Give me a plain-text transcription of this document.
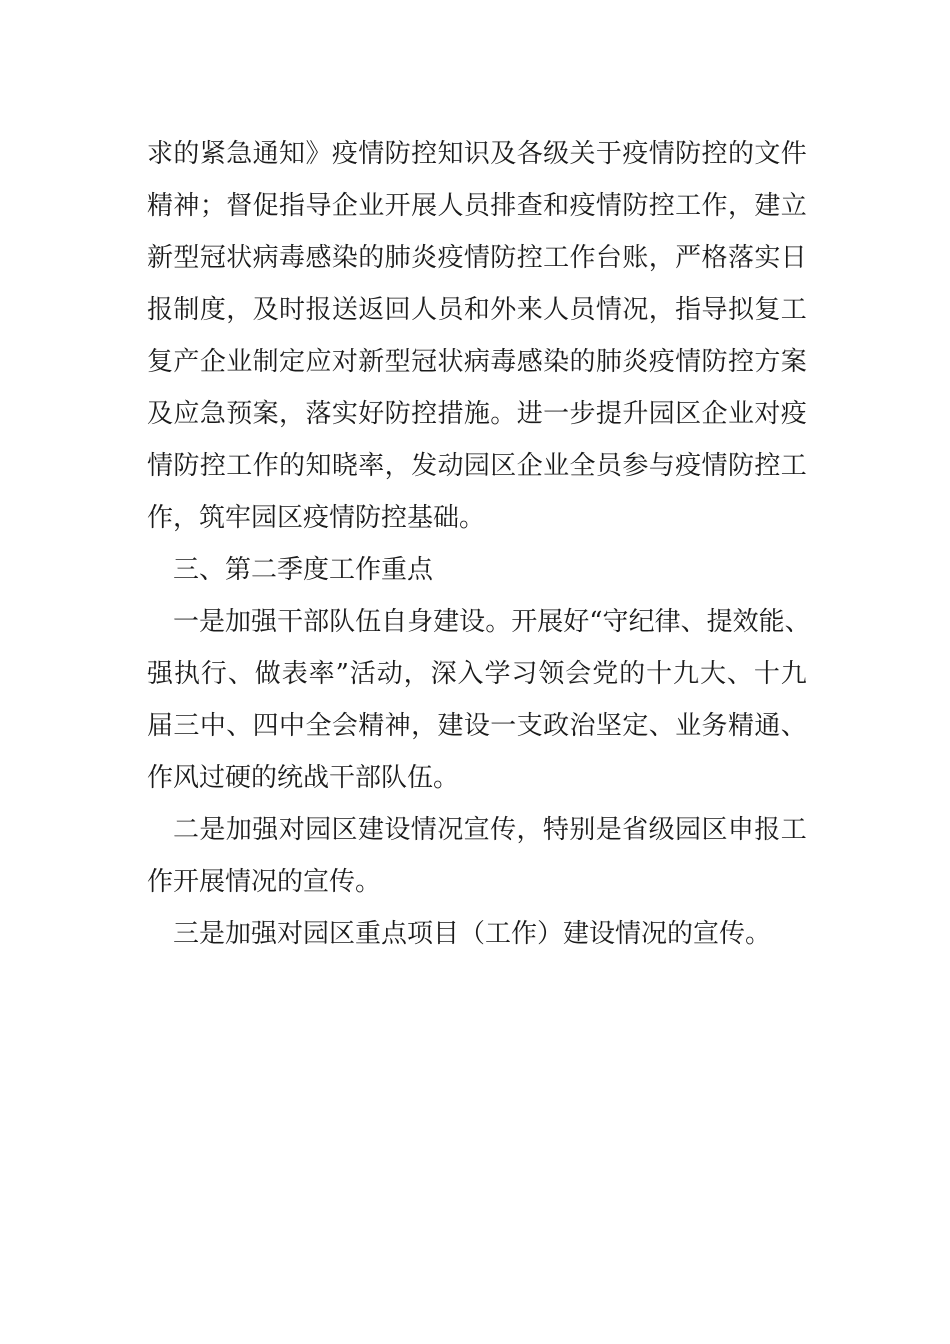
求 的 紧 急 通 知 》 疫 情 防 控 知 识 及 各 级 关 于 疫 情 防 控 的 文 件
精 神 ； 督 促 指 导 企 业 开 展 人 员 排 查 和 疫 情 防 控 工 作 ， 建 立
新 型 冠 状 病 毒 感 染 的 肺 炎 疫 情 防 控 工 作 台 账 ， 严 格 落 实 日
报 制 度 ， 及 时 报 送 返 回 人 员 和 外 来 人 员 情 况 ， 指 导 拟 复 工
复 产 企 业 制 定 应 对 新 型 冠 状 病 毒 感 染 的 肺 炎 疫 情 防 控 方 案
及 应 急 预 案 ， 落 实 好 防 控 措 施 。 进 一 步 提 升 园 区 企 业 对 疫
情 防 控 工 作 的 知 晓 率 ， 发 动 园 区 企 业 全 员 参 与 疫 情 防 控 工
作，筑牢园区疫情防控基础。
三、第二季度工作重点
一 是 加 强 干 部 队 伍 自 身 建 设 。 开 展 好 “ 守 纪 律 、 提 效 能 、
强 执 行 、 做 表 率 ” 活 动 ， 深 入 学 习 领 会 党 的 十 九 大 、 十 九
届 三 中 、 四 中 全 会 精 神 ， 建 设 一 支 政 治 坚 定 、 业 务 精 通 、
作风过硬的统战干部队伍。
二 是 加 强 对 园 区 建 设 情 况 宣 传 ， 特 别 是 省 级 园 区 申 报 工
作开展情况的宣传。
三是加强对园区重点项目（工作）建设情况的宣传。
